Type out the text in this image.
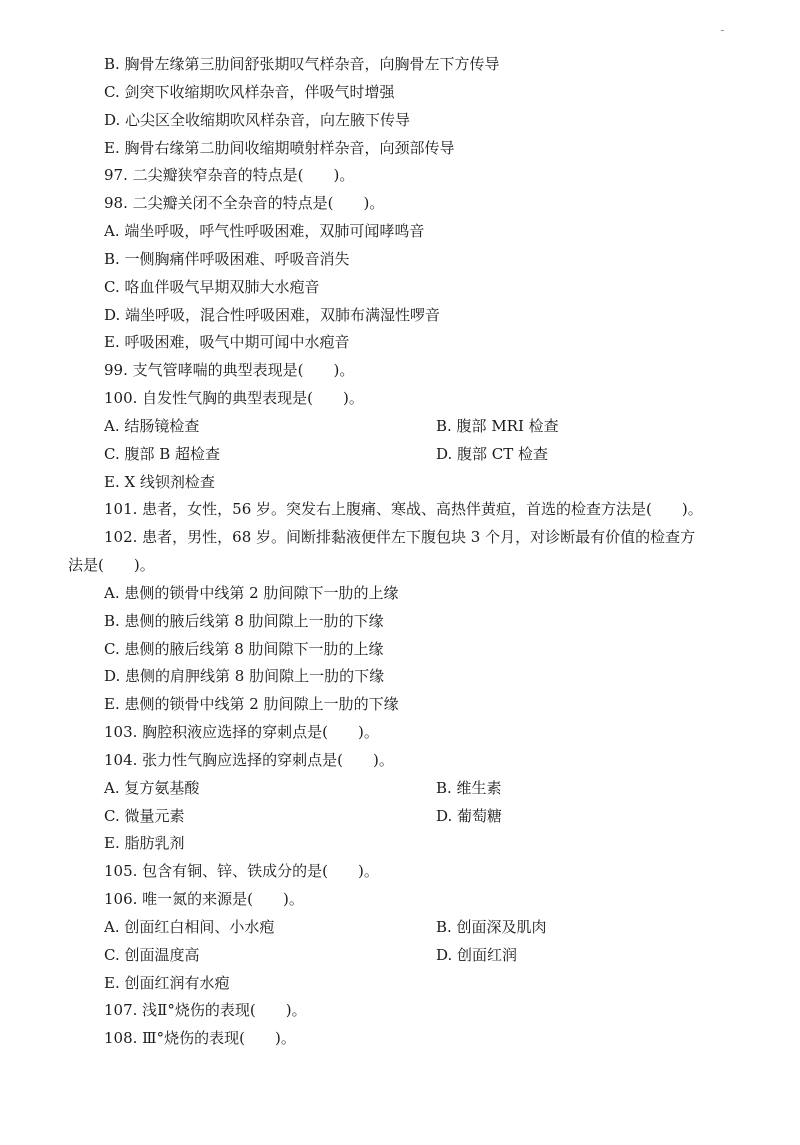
˜
B. 胸骨左缘第三肋间舒张期叹气样杂音，向胸骨左下方传导
C. 剑突下收缩期吹风样杂音，伴吸气时增强
D. 心尖区全收缩期吹风样杂音，向左腋下传导
E. 胸骨右缘第二肋间收缩期喷射样杂音，向颈部传导
97. 二尖瓣狭窄杂音的特点是(　　)。
98. 二尖瓣关闭不全杂音的特点是(　　)。
A. 端坐呼吸，呼气性呼吸困难，双肺可闻哮鸣音
B. 一侧胸痛伴呼吸困难、呼吸音消失
C. 咯血伴吸气早期双肺大水疱音
D. 端坐呼吸，混合性呼吸困难，双肺布满湿性啰音
E. 呼吸困难，吸气中期可闻中水疱音
99. 支气管哮喘的典型表现是(　　)。
100. 自发性气胸的典型表现是(　　)。
A. 结肠镜检查	B. 腹部 MRI 检查
C. 腹部 B 超检查	D. 腹部 CT 检查
E. X 线钡剂检查
101. 患者，女性，56 岁。突发右上腹痛、寒战、高热伴黄疸，首选的检查方法是(　　)。
102. 患者，男性，68 岁。间断排黏液便伴左下腹包块 3 个月，对诊断最有价值的检查方
法是(　　)。
A. 患侧的锁骨中线第 2 肋间隙下一肋的上缘
B. 患侧的腋后线第 8 肋间隙上一肋的下缘
C. 患侧的腋后线第 8 肋间隙下一肋的上缘
D. 患侧的肩胛线第 8 肋间隙上一肋的下缘
E. 患侧的锁骨中线第 2 肋间隙上一肋的下缘
103. 胸腔积液应选择的穿刺点是(　　)。
104. 张力性气胸应选择的穿刺点是(　　)。
A. 复方氨基酸	B. 维生素
C. 微量元素	D. 葡萄糖
E. 脂肪乳剂
105. 包含有铜、锌、铁成分的是(　　)。
106. 唯一氮的来源是(　　)。
A. 创面红白相间、小水疱	B. 创面深及肌肉
C. 创面温度高	D. 创面红润
E. 创面红润有水疱
107. 浅Ⅱ°烧伤的表现(　　)。
108. Ⅲ°烧伤的表现(　　)。
